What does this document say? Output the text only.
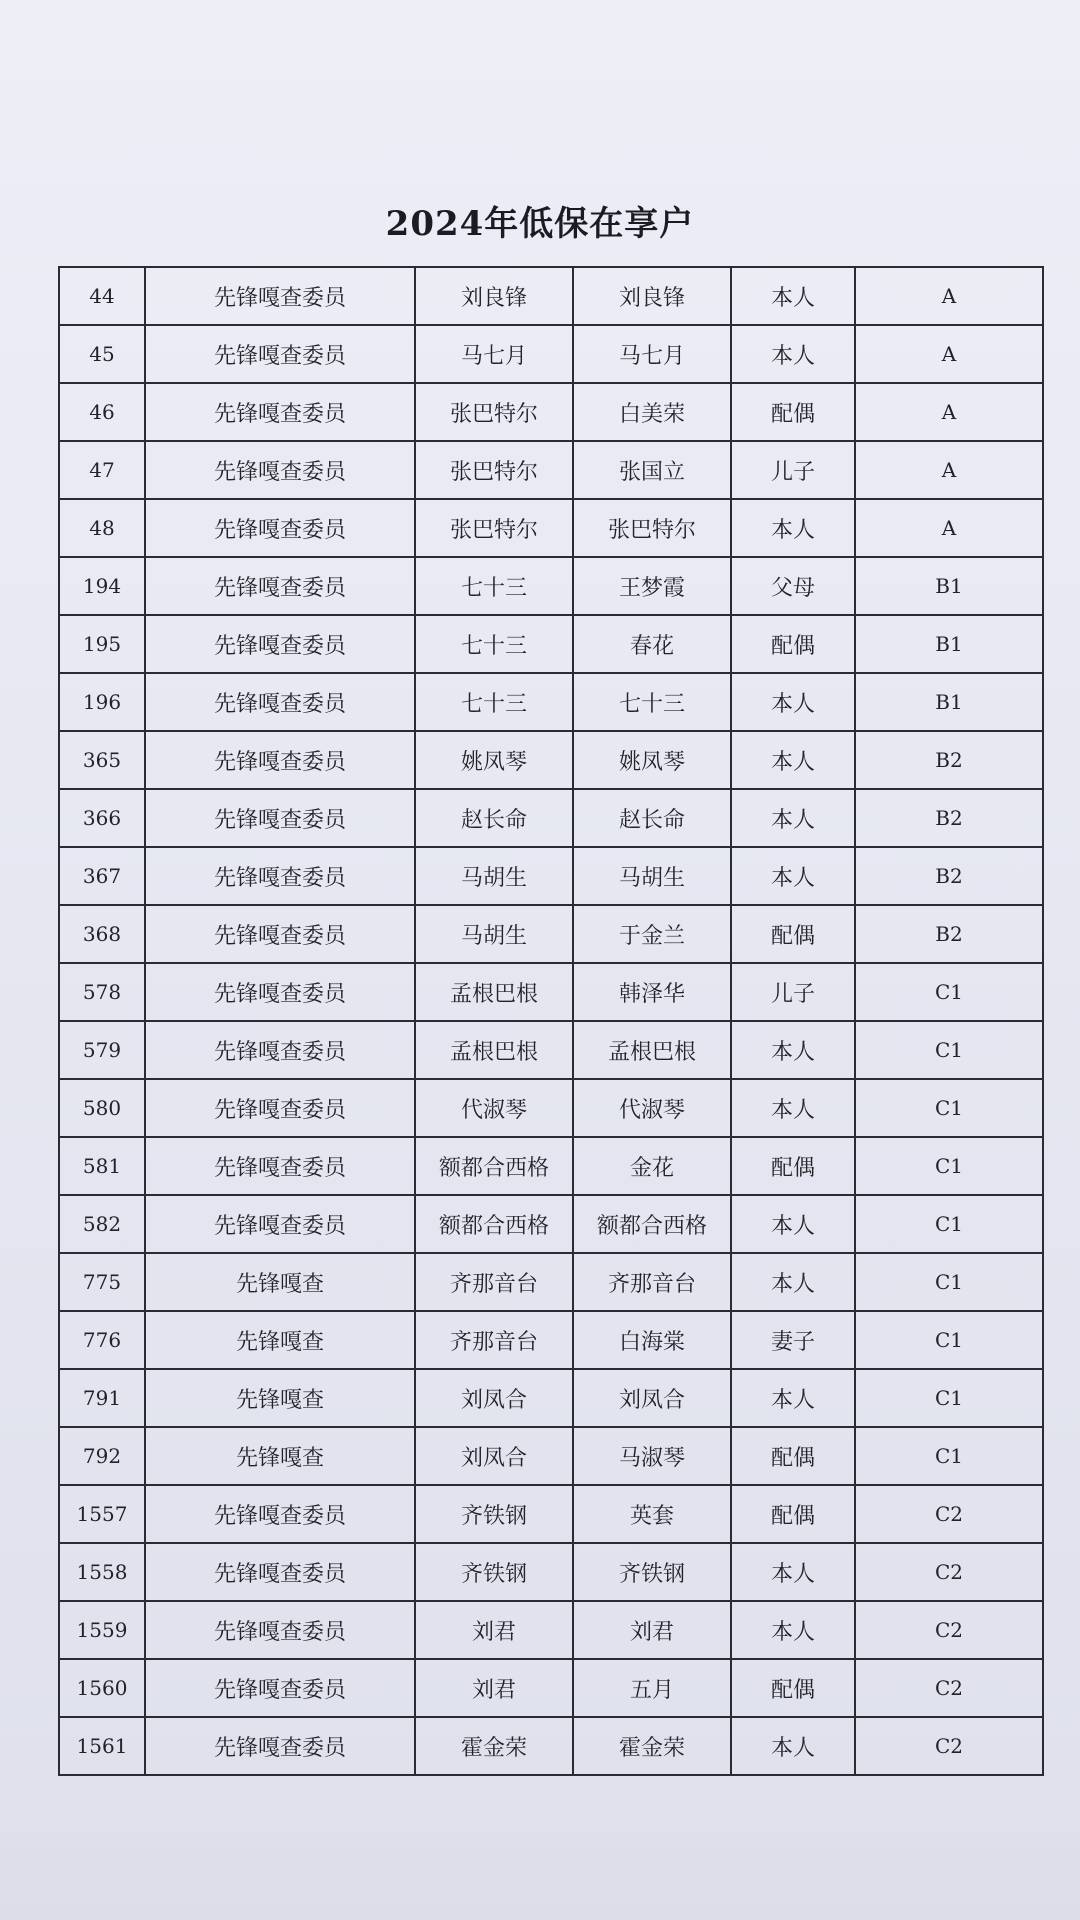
2024年低保在享户
44	先锋嘎查委员	刘良锋	刘良锋	本人	A
45	先锋嘎查委员	马七月	马七月	本人	A
46	先锋嘎查委员	张巴特尔	白美荣	配偶	A
47	先锋嘎查委员	张巴特尔	张国立	儿子	A
48	先锋嘎查委员	张巴特尔	张巴特尔	本人	A
194	先锋嘎查委员	七十三	王梦霞	父母	B1
195	先锋嘎查委员	七十三	春花	配偶	B1
196	先锋嘎查委员	七十三	七十三	本人	B1
365	先锋嘎查委员	姚凤琴	姚凤琴	本人	B2
366	先锋嘎查委员	赵长命	赵长命	本人	B2
367	先锋嘎查委员	马胡生	马胡生	本人	B2
368	先锋嘎查委员	马胡生	于金兰	配偶	B2
578	先锋嘎查委员	孟根巴根	韩泽华	儿子	C1
579	先锋嘎查委员	孟根巴根	孟根巴根	本人	C1
580	先锋嘎查委员	代淑琴	代淑琴	本人	C1
581	先锋嘎查委员	额都合西格	金花	配偶	C1
582	先锋嘎查委员	额都合西格	额都合西格	本人	C1
775	先锋嘎查	齐那音台	齐那音台	本人	C1
776	先锋嘎查	齐那音台	白海棠	妻子	C1
791	先锋嘎查	刘凤合	刘凤合	本人	C1
792	先锋嘎查	刘凤合	马淑琴	配偶	C1
1557	先锋嘎查委员	齐铁钢	英套	配偶	C2
1558	先锋嘎查委员	齐铁钢	齐铁钢	本人	C2
1559	先锋嘎查委员	刘君	刘君	本人	C2
1560	先锋嘎查委员	刘君	五月	配偶	C2
1561	先锋嘎查委员	霍金荣	霍金荣	本人	C2
